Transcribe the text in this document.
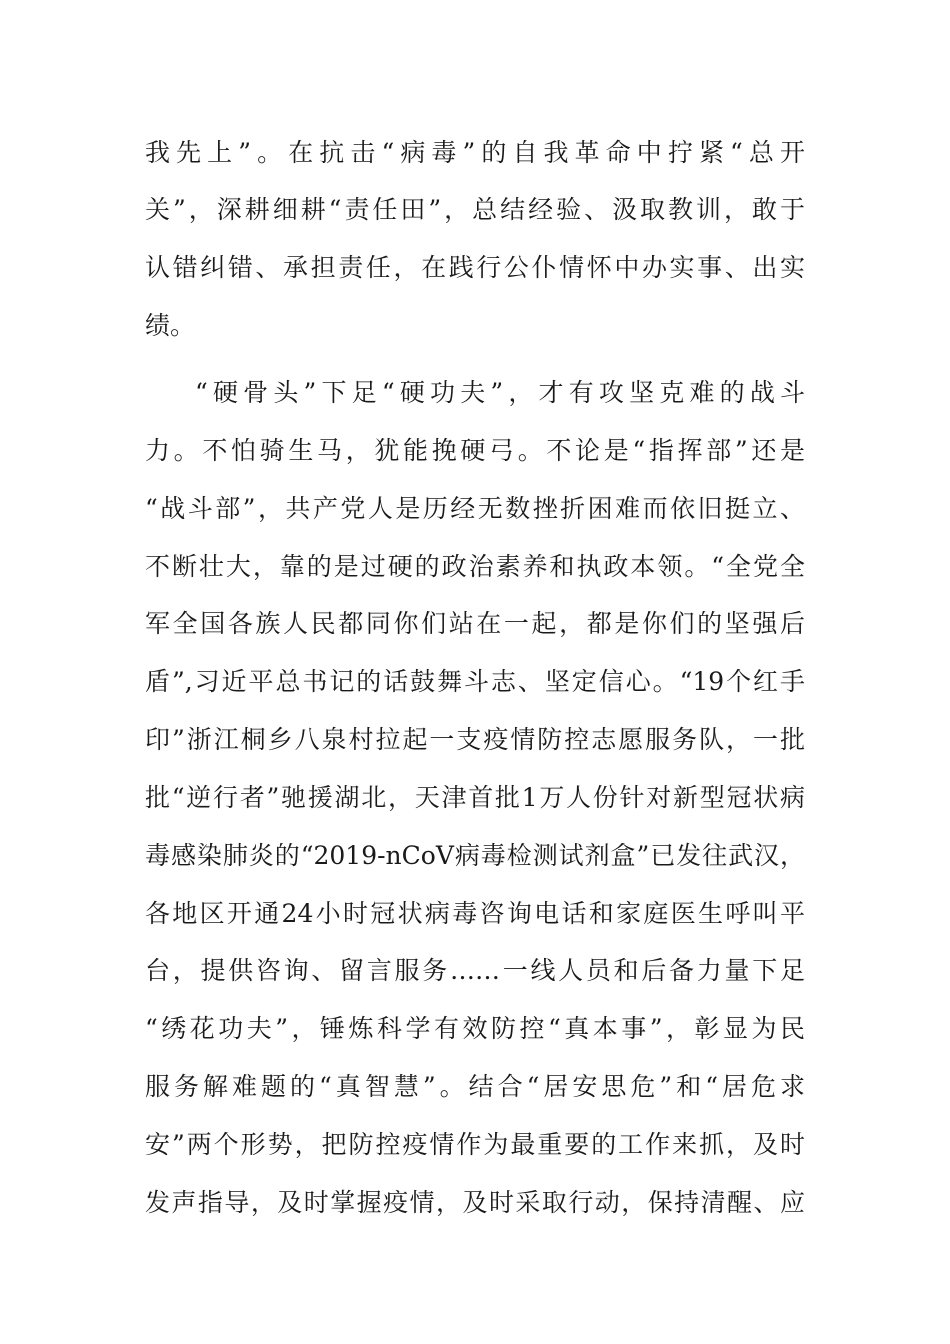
我先上”。在抗击“病毒”的自我革命中拧紧“总开
关”，深耕细耕“责任田”，总结经验、汲取教训，敢于
认错纠错、承担责任，在践行公仆情怀中办实事、出实
绩。
“硬骨头”下足“硬功夫”，才有攻坚克难的战斗
力。不怕骑生马，犹能挽硬弓。不论是“指挥部”还是
“战斗部”，共产党人是历经无数挫折困难而依旧挺立、
不断壮大，靠的是过硬的政治素养和执政本领。“全党全
军全国各族人民都同你们站在一起，都是你们的坚强后
盾”,习近平总书记的话鼓舞斗志、坚定信心。“19个红手
印”浙江桐乡八泉村拉起一支疫情防控志愿服务队，一批
批“逆行者”驰援湖北，天津首批1万人份针对新型冠状病
毒感染肺炎的“2019-nCoV病毒检测试剂盒”已发往武汉，
各地区开通24小时冠状病毒咨询电话和家庭医生呼叫平
台，提供咨询、留言服务……一线人员和后备力量下足
“绣花功夫”，锤炼科学有效防控“真本事”，彰显为民
服务解难题的“真智慧”。结合“居安思危”和“居危求
安”两个形势，把防控疫情作为最重要的工作来抓，及时
发声指导，及时掌握疫情，及时采取行动，保持清醒、应
